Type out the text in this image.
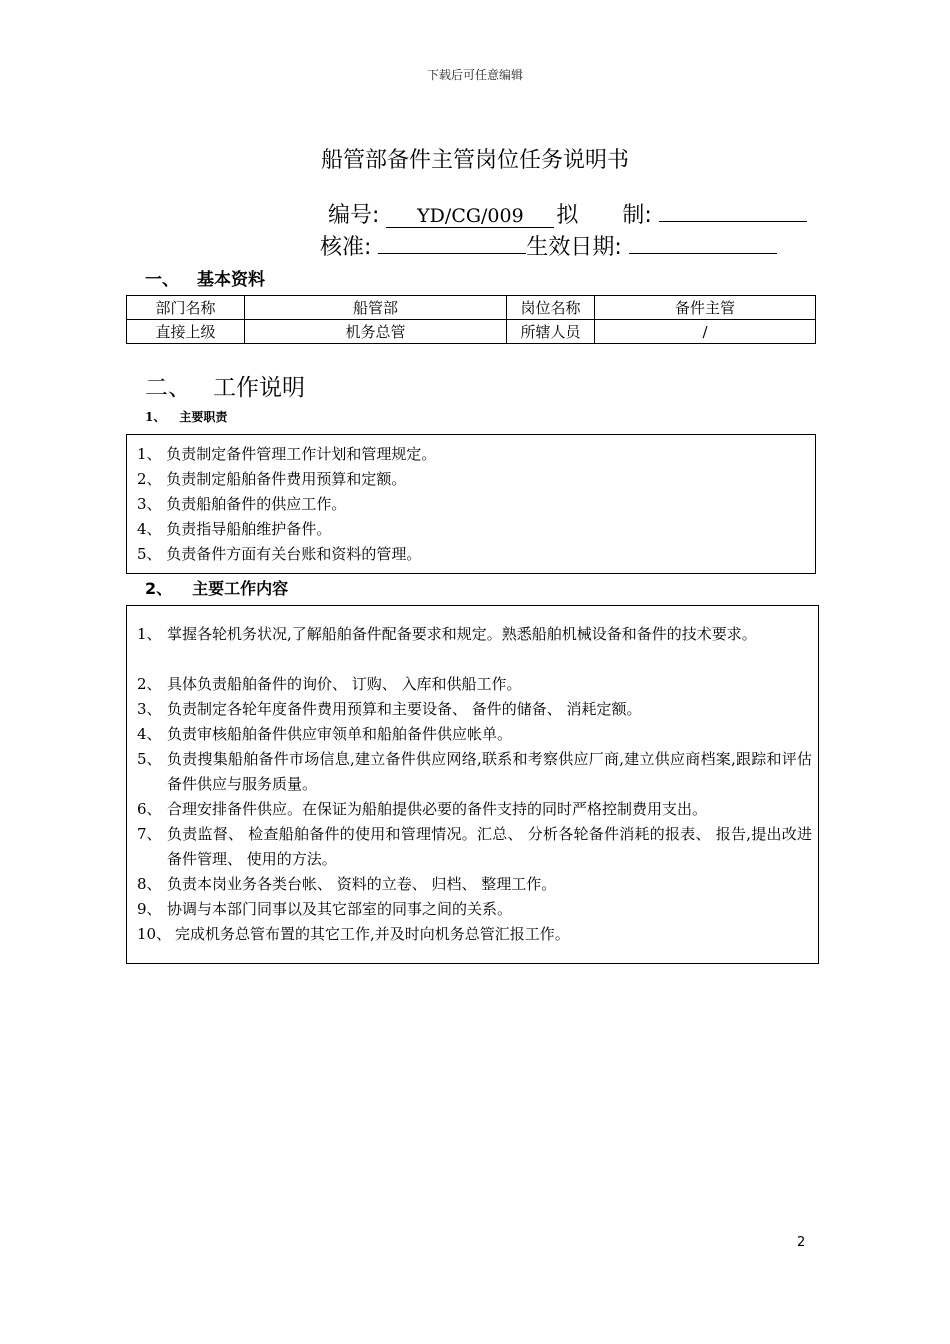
下载后可任意编辑
船管部备件主管岗位任务说明书
编号: YD/CG/009 拟　　制:
核准:	生效日期:
一、 基本资料
部门名称	船管部	岗位名称	备件主管
直接上级	机务总管	所辖人员	/
二、 工作说明
1、 主要职责
1、 负责制定备件管理工作计划和管理规定。
2、 负责制定船舶备件费用预算和定额。
3、 负责船舶备件的供应工作。
4、 负责指导船舶维护备件。
5、 负责备件方面有关台账和资料的管理。
2、 主要工作内容
1、 掌握各轮机务状况,了解船舶备件配备要求和规定。熟悉船舶机械设备和备件的技术要求。
2、 具体负责船舶备件的询价、 订购、 入库和供船工作。
3、 负责制定各轮年度备件费用预算和主要设备、 备件的储备、 消耗定额。
4、 负责审核船舶备件供应审领单和船舶备件供应帐单。
5、 负责搜集船舶备件市场信息,建立备件供应网络,联系和考察供应厂商,建立供应商档案,跟踪和评估备件供应与服务质量。
6、 合理安排备件供应。在保证为船舶提供必要的备件支持的同时严格控制费用支出。
7、 负责监督、 检查船舶备件的使用和管理情况。汇总、 分析各轮备件消耗的报表、 报告,提出改进备件管理、 使用的方法。
8、 负责本岗业务各类台帐、 资料的立卷、 归档、 整理工作。
9、 协调与本部门同事以及其它部室的同事之间的关系。
10、 完成机务总管布置的其它工作,并及时向机务总管汇报工作。
2
